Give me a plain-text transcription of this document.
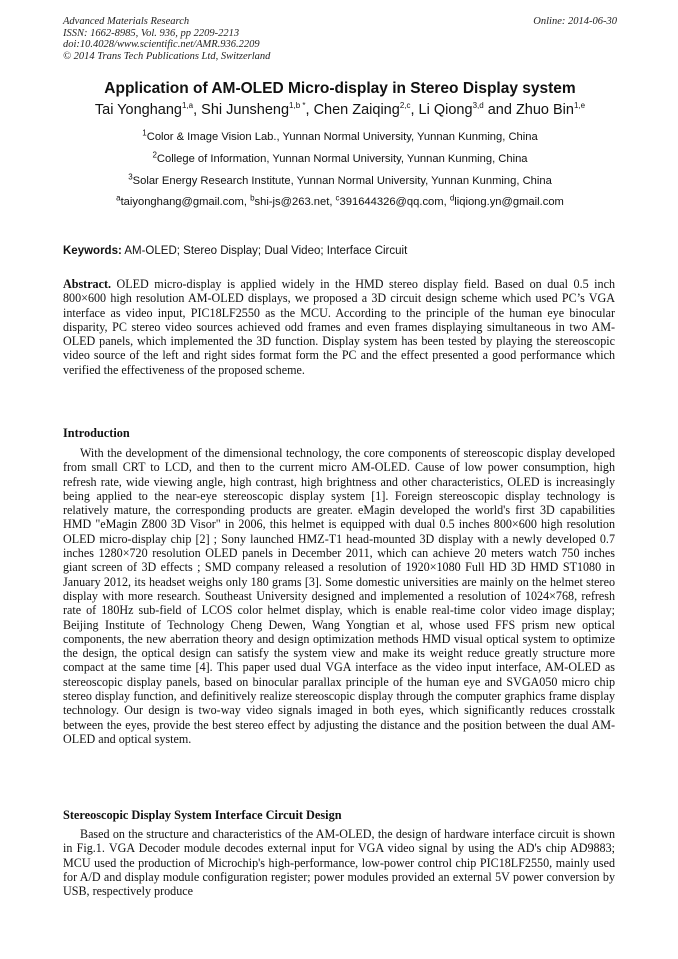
Advanced Materials Research
ISSN: 1662-8985, Vol. 936, pp 2209-2213
doi:10.4028/www.scientific.net/AMR.936.2209
© 2014 Trans Tech Publications Ltd, Switzerland
Online: 2014-06-30
Application of AM-OLED Micro-display in Stereo Display system
Tai Yonghang$^{1,a}$, Shi Junsheng$^{1,b *}$, Chen Zaiqing$^{2,c}$, Li Qiong$^{3,d}$ and Zhuo Bin$^{1,e}$
$^1$Color & Image Vision Lab., Yunnan Normal University, Yunnan Kunming, China
$^2$College of Information, Yunnan Normal University, Yunnan Kunming, China
$^3$Solar Energy Research Institute, Yunnan Normal University, Yunnan Kunming, China
$^a$taiyonghang@gmail.com, $^b$shi-js@263.net, $^c$391644326@qq.com, $^d$liqiong.yn@gmail.com
Keywords: AM-OLED; Stereo Display; Dual Video; Interface Circuit

Abstract. OLED micro-display is applied widely in the HMD stereo display field. Based on dual 0.5 inch 800×600 high resolution AM-OLED displays, we proposed a 3D circuit design scheme which used PC’s VGA interface as video input, PIC18LF2550 as the MCU. According to the principle of the human eye binocular disparity, PC stereo video sources achieved odd frames and even frames displaying simultaneous in two AM-OLED panels, which implemented the 3D function. Display system has been tested by playing the stereoscopic video source of the left and right sides format form the PC and the effect presented a good performance which verified the effectiveness of the proposed scheme.

Introduction

With the development of the dimensional technology, the core components of stereoscopic display developed from small CRT to LCD, and then to the current micro AM-OLED. Cause of low power consumption, high refresh rate, wide viewing angle, high contrast, high brightness and other characteristics, OLED is increasingly being applied to the near-eye stereoscopic display system [1]. Foreign stereoscopic display technology is relatively mature, the corresponding products are greater. eMagin developed the world's first 3D capabilities HMD "eMagin Z800 3D Visor" in 2006, this helmet is equipped with dual 0.5 inches 800×600 high resolution OLED micro-display chip [2] ; Sony launched HMZ-T1 head-mounted 3D display with a newly developed 0.7 inches 1280×720 resolution OLED panels in December 2011, which can achieve 20 meters watch 750 inches giant screen of 3D effects ; SMD company released a resolution of 1920×1080 Full HD 3D HMD ST1080 in January 2012, its headset weighs only 180 grams [3]. Some domestic universities are mainly on the helmet stereo display with more research. Southeast University designed and implemented a resolution of 1024×768, refresh rate of 180Hz sub-field of LCOS color helmet display, which is enable real-time color video image display; Beijing Institute of Technology Cheng Dewen, Wang Yongtian et al, whose used FFS prism new optical components, the new aberration theory and design optimization methods HMD visual optical system to optimize the design, the optical design can satisfy the system view and make its weight reduce greatly structure more compact at the same time [4]. This paper used dual VGA interface as the video input interface, AM-OLED as stereoscopic display panels, based on binocular parallax principle of the human eye and SVGA050 micro chip stereo display function, and definitively realize stereoscopic display through the computer graphics frame display technology. Our design is two-way video signals imaged in both eyes, which significantly reduces crosstalk between the eyes, provide the best stereo effect by adjusting the distance and the position between the dual AM-OLED and optical system.

Stereoscopic Display System Interface Circuit Design

Based on the structure and characteristics of the AM-OLED, the design of hardware interface circuit is shown in Fig.1. VGA Decoder module decodes external input for VGA video signal by using the AD's chip AD9883; MCU used the production of Microchip's high-performance, low-power control chip PIC18LF2550, mainly used for A/D and display module configuration register; power modules provided an external 5V power conversion by USB, respectively produce
